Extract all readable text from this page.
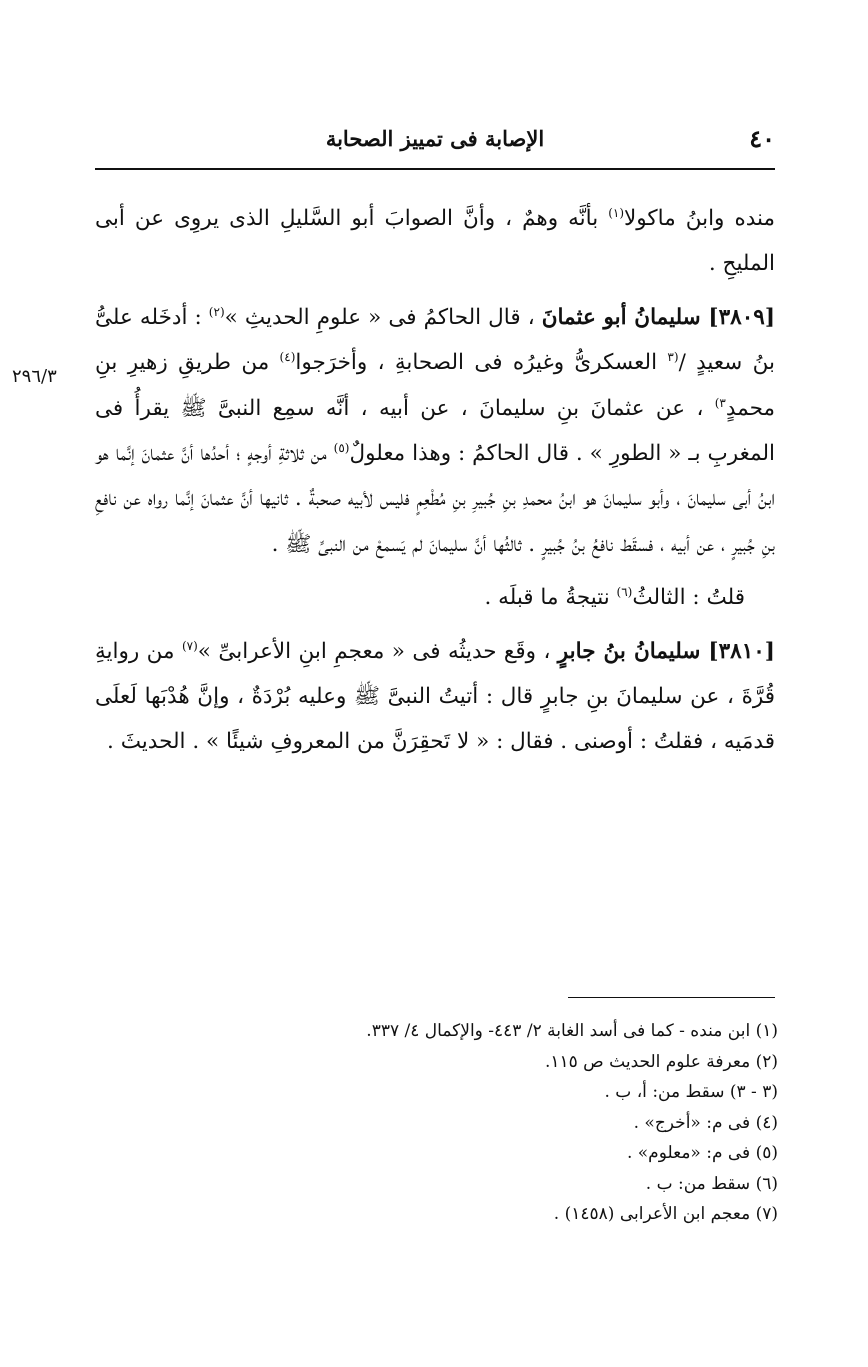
الإصابة فى تمييز الصحابة	٤٠
٢٩٦/٣

منده وابنُ ماكولا$^{(١)}$ بأنَّه وهمٌ ، وأنَّ الصوابَ أبو السَّليلِ الذى يروِى عن أبى المليحِ .

[٣٨٠٩] سليمانُ أبو عثمانَ ، قال الحاكمُ فى « علومِ الحديثِ »$^{(٢)}$ : أدخَله علىُّ بنُ سعيدٍ /$^{(٣}$ العسكرىُّ وغيرُه فى الصحابةِ ، وأخرَجوا$^{(٤)}$ من طريقِ زهيرِ بنِ محمدٍ$^{٣)}$ ، عن عثمانَ بنِ سليمانَ ، عن أبيه ، أنَّه سمِع النبىَّ ﷺ يقرأُ فى المغربِ بـ « الطورِ » . قال الحاكمُ : وهذا معلولٌ$^{(٥)}$ من ثلاثةِ أوجهٍ ؛ أحدُها أنَّ عثمانَ إنَّما هو ابنُ أبى سليمانَ ، وأبو سليمانَ هو ابنُ محمدِ بنِ جُبيرِ بنِ مُطْعِمٍ فليس لأبيه صحبةٌ . ثانيها أنَّ عثمانَ إنَّما رواه عن نافعِ بنِ جُبيرٍ ، عن أبيه ، فسقَط نافعُ بنُ جُبيرٍ . ثالثُها أنَّ سليمانَ لم يَسمعْ من النبىِّ ﷺ .

قلتُ : الثالثُ$^{(٦)}$ نتيجةُ ما قبلَه .

[٣٨١٠] سليمانُ بنُ جابرٍ ، وقَع حديثُه فى « معجمِ ابنِ الأعرابىِّ »$^{(٧)}$ من روايةِ قُرَّةَ ، عن سليمانَ بنِ جابرٍ قال : أتيتُ النبىَّ ﷺ وعليه بُرْدَةٌ ، وإنَّ هُدْبَها لَعلَى قدمَيه ، فقلتُ : أوصنى . فقال : « لا تَحقِرَنَّ من المعروفِ شيئًا » . الحديثَ .

(١) ابن منده - كما فى أسد الغابة ٢/ ٤٤٣- والإكمال ٤/ ٣٣٧.
(٢) معرفة علوم الحديث ص ١١٥.
(٣ - ٣) سقط من: أ، ب .
(٤) فى م: «أخرج» .
(٥) فى م: «معلوم» .
(٦) سقط من: ب .
(٧) معجم ابن الأعرابى (١٤٥٨) .
